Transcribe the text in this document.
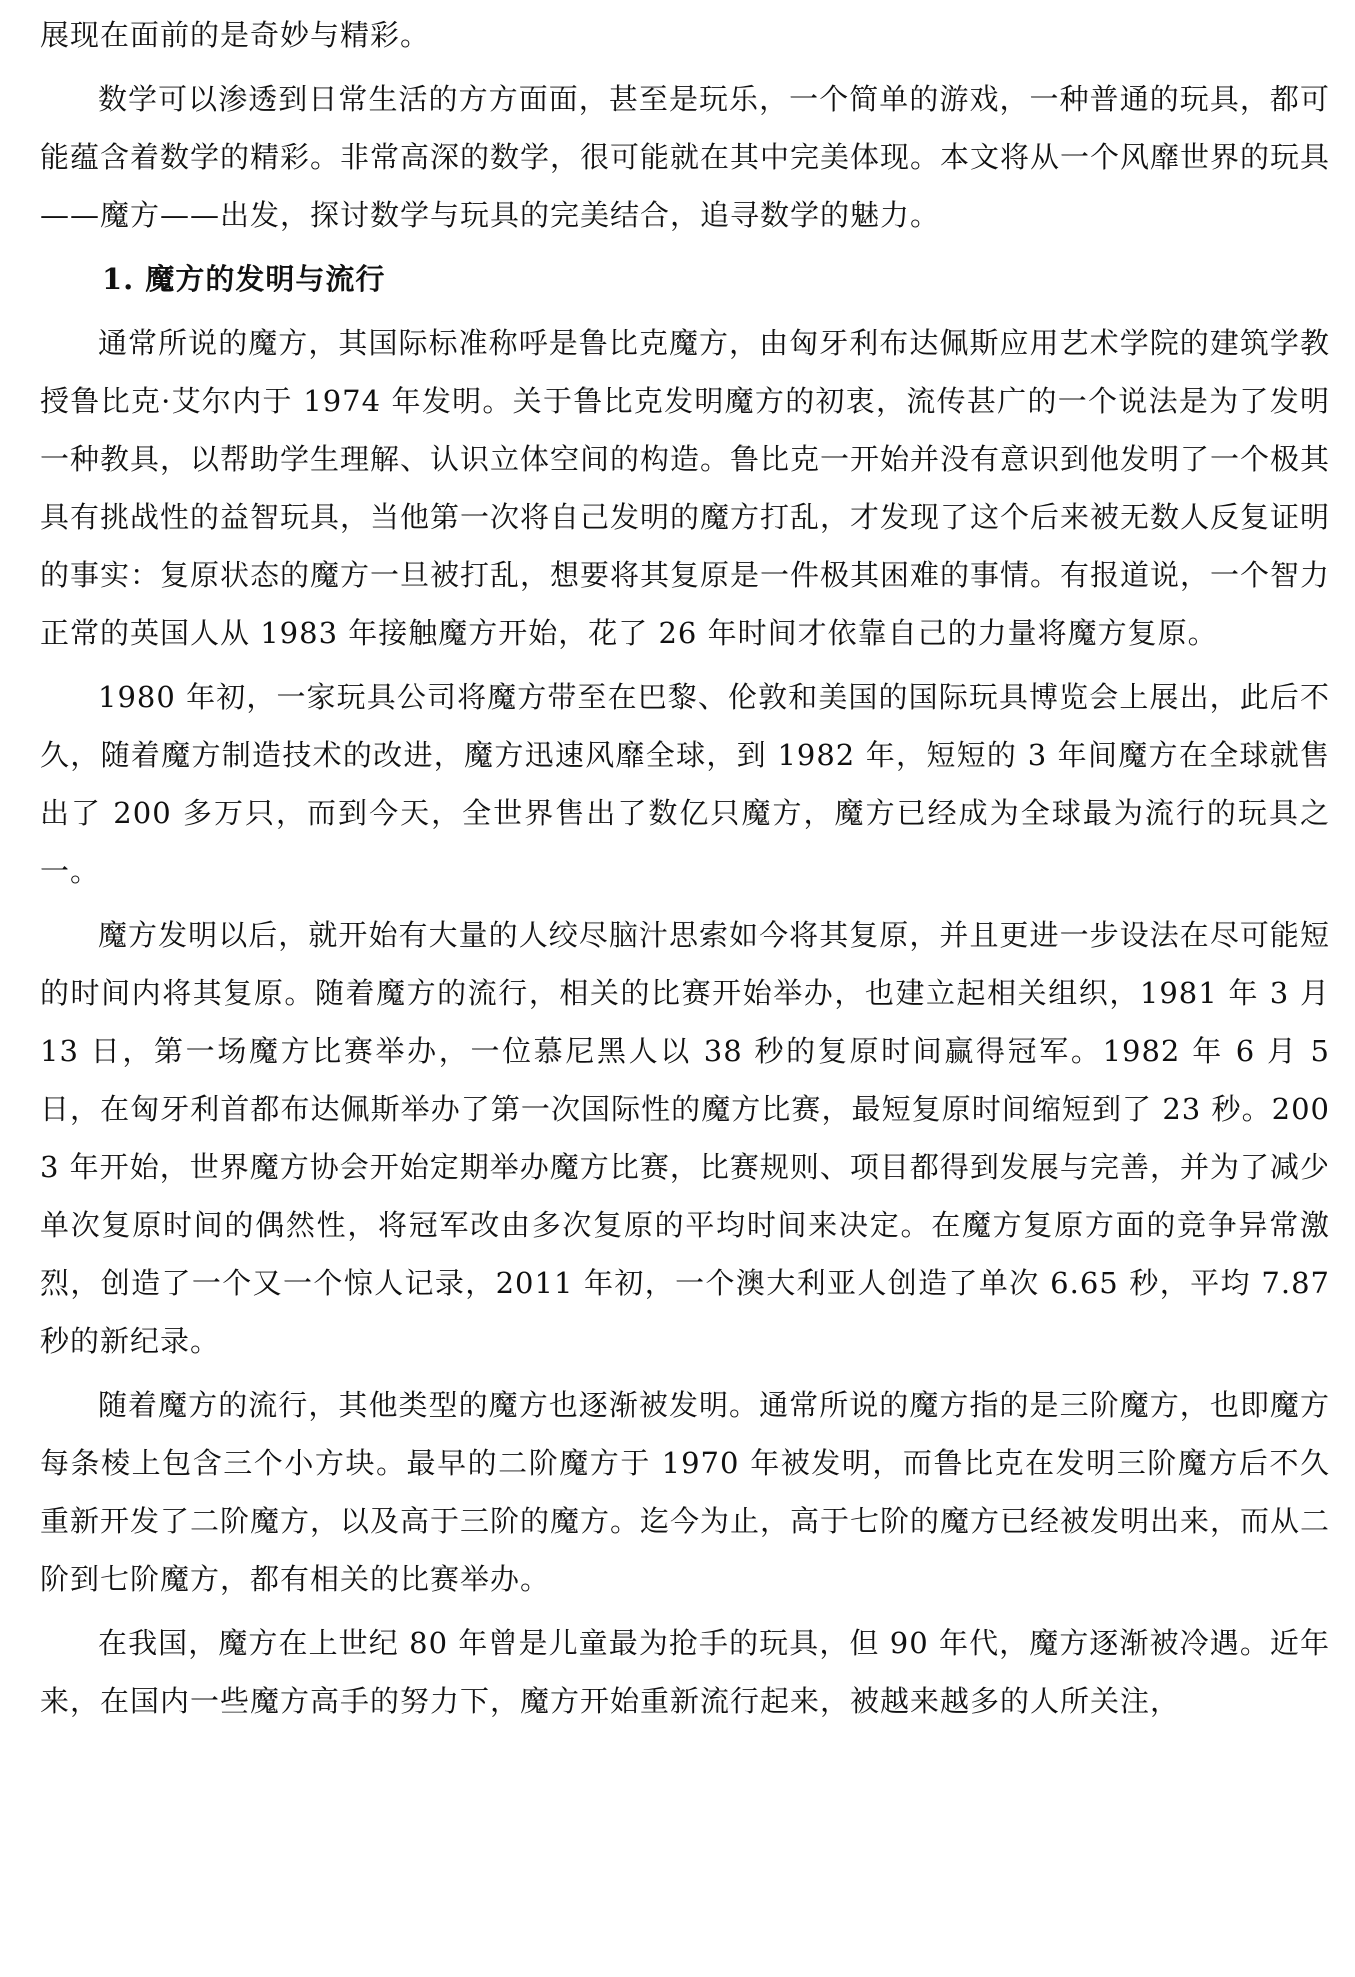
展现在面前的是奇妙与精彩。

数学可以渗透到日常生活的方方面面，甚至是玩乐，一个简单的游戏，一种普通的玩具，都可能蕴含着数学的精彩。非常高深的数学，很可能就在其中完美体现。本文将从一个风靡世界的玩具——魔方——出发，探讨数学与玩具的完美结合，追寻数学的魅力。

1. 魔方的发明与流行

通常所说的魔方，其国际标准称呼是鲁比克魔方，由匈牙利布达佩斯应用艺术学院的建筑学教授鲁比克·艾尔内于 1974 年发明。关于鲁比克发明魔方的初衷，流传甚广的一个说法是为了发明一种教具，以帮助学生理解、认识立体空间的构造。鲁比克一开始并没有意识到他发明了一个极其具有挑战性的益智玩具，当他第一次将自己发明的魔方打乱，才发现了这个后来被无数人反复证明的事实：复原状态的魔方一旦被打乱，想要将其复原是一件极其困难的事情。有报道说，一个智力正常的英国人从 1983 年接触魔方开始，花了 26 年时间才依靠自己的力量将魔方复原。

1980 年初，一家玩具公司将魔方带至在巴黎、伦敦和美国的国际玩具博览会上展出，此后不久，随着魔方制造技术的改进，魔方迅速风靡全球，到 1982 年，短短的 3 年间魔方在全球就售出了 200 多万只，而到今天，全世界售出了数亿只魔方，魔方已经成为全球最为流行的玩具之一。

魔方发明以后，就开始有大量的人绞尽脑汁思索如今将其复原，并且更进一步设法在尽可能短的时间内将其复原。随着魔方的流行，相关的比赛开始举办，也建立起相关组织，1981 年 3 月 13 日，第一场魔方比赛举办，一位慕尼黑人以 38 秒的复原时间赢得冠军。1982 年 6 月 5 日，在匈牙利首都布达佩斯举办了第一次国际性的魔方比赛，最短复原时间缩短到了 23 秒。2003 年开始，世界魔方协会开始定期举办魔方比赛，比赛规则、项目都得到发展与完善，并为了减少单次复原时间的偶然性，将冠军改由多次复原的平均时间来决定。在魔方复原方面的竞争异常激烈，创造了一个又一个惊人记录，2011 年初，一个澳大利亚人创造了单次 6.65 秒，平均 7.87 秒的新纪录。

随着魔方的流行，其他类型的魔方也逐渐被发明。通常所说的魔方指的是三阶魔方，也即魔方每条棱上包含三个小方块。最早的二阶魔方于 1970 年被发明，而鲁比克在发明三阶魔方后不久重新开发了二阶魔方，以及高于三阶的魔方。迄今为止，高于七阶的魔方已经被发明出来，而从二阶到七阶魔方，都有相关的比赛举办。

在我国，魔方在上世纪 80 年曾是儿童最为抢手的玩具，但 90 年代，魔方逐渐被冷遇。近年来，在国内一些魔方高手的努力下，魔方开始重新流行起来，被越来越多的人所关注，
